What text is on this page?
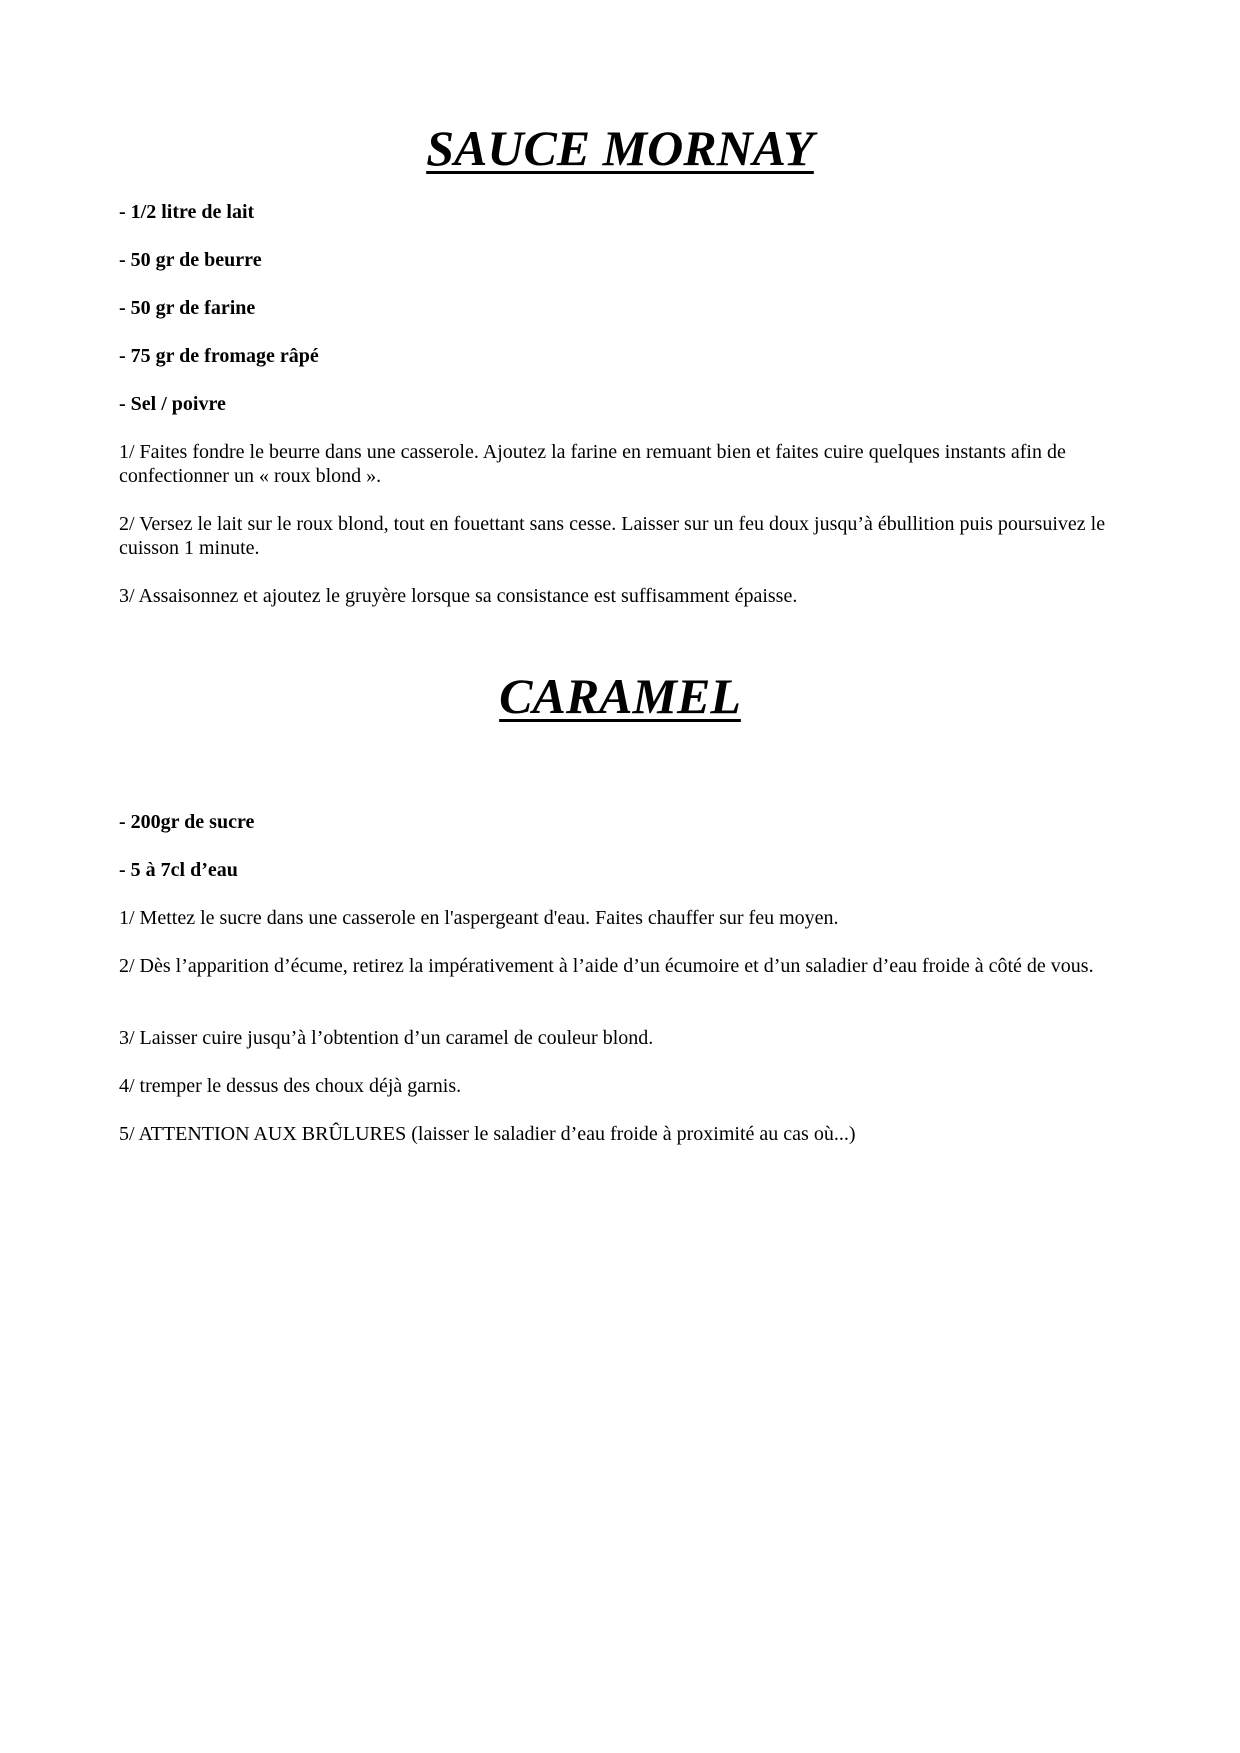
SAUCE MORNAY

- 1/2 litre de lait

- 50 gr de beurre

- 50 gr de farine

- 75 gr de fromage râpé

- Sel / poivre

1/ Faites fondre le beurre dans une casserole. Ajoutez la farine en remuant bien et faites cuire quelques instants afin de confectionner un « roux blond ».

2/ Versez le lait sur le roux blond, tout en fouettant sans cesse. Laisser sur un feu doux jusqu’à ébullition puis poursuivez le cuisson 1 minute.

3/ Assaisonnez et ajoutez le gruyère lorsque sa consistance est suffisamment épaisse.

CARAMEL

- 200gr de sucre

- 5 à 7cl d’eau

1/ Mettez le sucre dans une casserole en l'aspergeant d'eau. Faites chauffer sur feu moyen.

2/ Dès l’apparition d’écume, retirez la impérativement à l’aide d’un écumoire et d’un saladier d’eau froide à côté de vous.

3/ Laisser cuire jusqu’à l’obtention d’un caramel de couleur blond.

4/ tremper le dessus des choux déjà garnis.

5/ ATTENTION AUX BRÛLURES (laisser le saladier d’eau froide à proximité au cas où...)
